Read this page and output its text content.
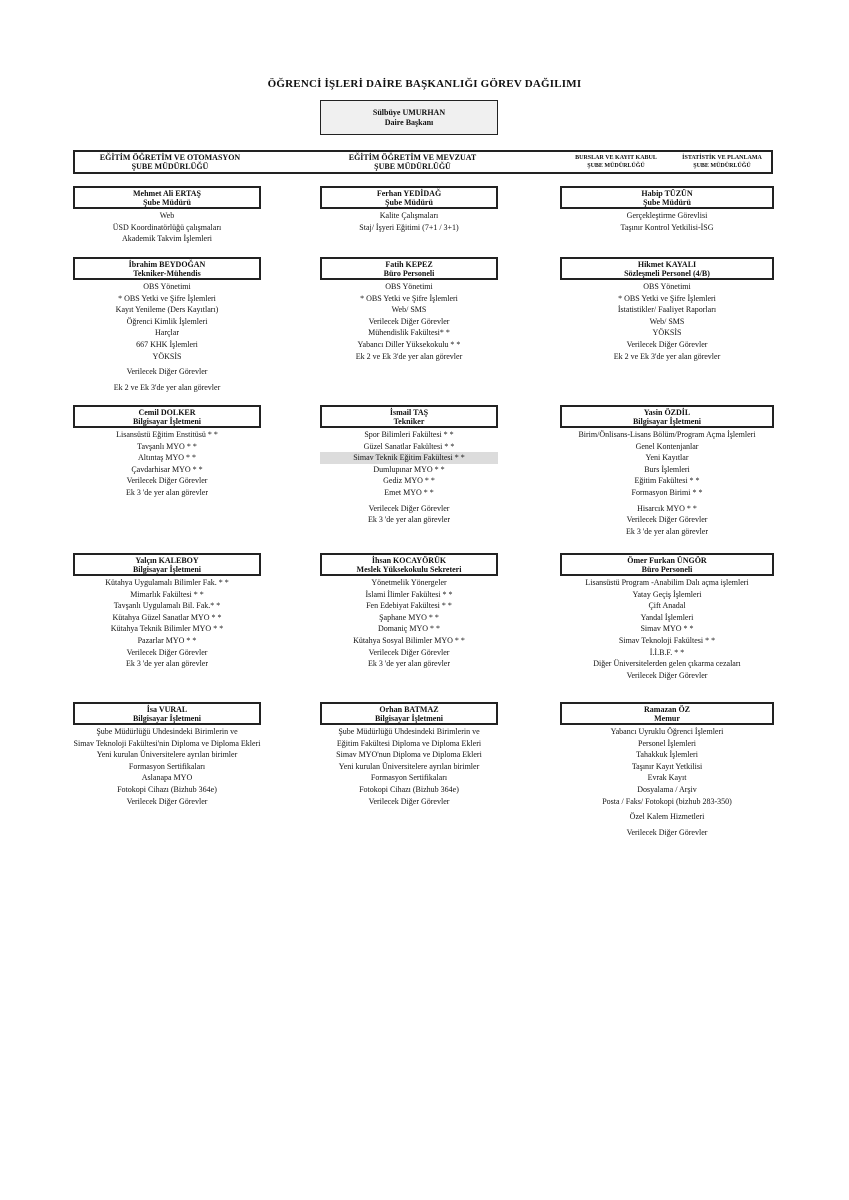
ÖĞRENCİ İŞLERİ DAİRE BAŞKANLIĞI GÖREV DAĞILIMI
Sülbüye UMURHAN
Daire Başkanı
EĞİTİM ÖĞRETİM VE OTOMASYON
ŞUBE MÜDÜRLÜĞÜ
EĞİTİM ÖĞRETİM VE MEVZUAT
ŞUBE MÜDÜRLÜĞÜ
BURSLAR VE KAYIT KABUL
ŞUBE MÜDÜRLÜĞÜ
İSTATİSTİK VE PLANLAMA
ŞUBE MÜDÜRLÜĞÜ
Mehmet Ali ERTAŞ
Şube Müdürü
Web
ÜSD Koordinatörlüğü çalışmaları
Akademik Takvim İşlemleri
Ferhan YEDİDAĞ
Şube Müdürü
Kalite Çalışmaları
Staj/ İşyeri Eğitimi (7+1 / 3+1)
Habip TÜZÜN
Şube Müdürü
Gerçekleştirme Görevlisi
Taşınır Kontrol Yetkilisi-İSG
İbrahim BEYDOĞAN
Tekniker-Mühendis
OBS Yönetimi
* OBS Yetki ve Şifre İşlemleri
Kayıt Yenileme (Ders Kayıtları)
Öğrenci Kimlik İşlemleri
Harçlar
667 KHK İşlemleri
YÖKSİS
Verilecek Diğer Görevler
Ek 2 ve Ek 3'de yer alan görevler
Fatih KEPEZ
Büro Personeli
OBS Yönetimi
* OBS Yetki ve Şifre İşlemleri
Web/ SMS
Verilecek Diğer Görevler
Mühendislik Fakültesi* *
Yabancı Diller Yüksekokulu * *
Ek 2 ve Ek 3'de yer alan görevler
Hikmet KAYALI
Sözleşmeli Personel (4/B)
OBS Yönetimi
* OBS Yetki ve Şifre İşlemleri
İstatistikler/ Faaliyet Raporları
Web/ SMS
YÖKSİS
Verilecek Diğer Görevler
Ek 2 ve Ek 3'de yer alan görevler
Cemil DOLKER
Bilgisayar İşletmeni
Lisansüstü Eğitim Enstitüsü * *
Tavşanlı MYO * *
Altıntaş MYO * *
Çavdarhisar MYO * *
Verilecek Diğer Görevler
Ek 3 'de yer alan görevler
İsmail TAŞ
Tekniker
Spor Bilimleri Fakültesi * *
Güzel Sanatlar Fakültesi * *
Simav Teknik Eğitim Fakültesi * *
Dumlupınar MYO * *
Gediz MYO * *
Emet MYO * *
Verilecek Diğer Görevler
Ek 3 'de yer alan görevler
Yasin ÖZDİL
Bilgisayar İşletmeni
Birim/Önlisans-Lisans Bölüm/Program Açma İşlemleri
Genel Kontenjanlar
Yeni Kayıtlar
Burs İşlemleri
Eğitim Fakültesi * *
Formasyon Birimi * *
Hisarcık MYO * *
Verilecek Diğer Görevler
Ek 3 'de yer alan görevler
Yalçın KALEBOY
Bilgisayar İşletmeni
Kütahya Uygulamalı Bilimler Fak. * *
Mimarlık Fakültesi * *
Tavşanlı Uygulamalı Bil. Fak.* *
Kütahya Güzel Sanatlar MYO * *
Kütahya Teknik Bilimler MYO * *
Pazarlar MYO * *
Verilecek Diğer Görevler
Ek 3 'de yer alan görevler
İhsan KOCAYÖRÜK
Meslek Yüksekokulu Sekreteri
Yönetmelik Yönergeler
İslami İlimler Fakültesi * *
Fen Edebiyat Fakültesi * *
Şaphane MYO * *
Domaniç MYO * *
Kütahya Sosyal Bilimler MYO * *
Verilecek Diğer Görevler
Ek 3 'de yer alan görevler
Ömer Furkan ÜNGÖR
Büro Personeli
Lisansüstü Program -Anabilim Dalı açma işlemleri
Yatay Geçiş İşlemleri
Çift Anadal
Yandal İşlemleri
Simav MYO * *
Simav Teknoloji Fakültesi * *
İ.İ.B.F. * *
Diğer Üniversitelerden gelen çıkarma cezaları
Verilecek Diğer Görevler
İsa VURAL
Bilgisayar İşletmeni
Şube Müdürlüğü Uhdesindeki Birimlerin ve
Simav Teknoloji Fakültesi'nin Diploma ve Diploma Ekleri
Yeni kurulan Üniversitelere ayrılan birimler
Formasyon Sertifikaları
Aslanapa MYO
Fotokopi Cihazı (Bizhub 364e)
Verilecek Diğer Görevler
Orhan BATMAZ
Bilgisayar İşletmeni
Şube Müdürlüğü Uhdesindeki Birimlerin ve
Eğitim Fakültesi Diploma ve Diploma Ekleri
Simav MYO'nun Diploma ve Diploma Ekleri
Yeni kurulan Üniversitelere ayrılan birimler
Formasyon Sertifikaları
Fotokopi Cihazı (Bizhub 364e)
Verilecek Diğer Görevler
Ramazan ÖZ
Memur
Yabancı Uyruklu Öğrenci İşlemleri
Personel İşlemleri
Tahakkuk İşlemleri
Taşınır Kayıt Yetkilisi
Evrak Kayıt
Dosyalama / Arşiv
Posta / Faks/ Fotokopi (bizhub 283-350)
Özel Kalem Hizmetleri
Verilecek Diğer Görevler
